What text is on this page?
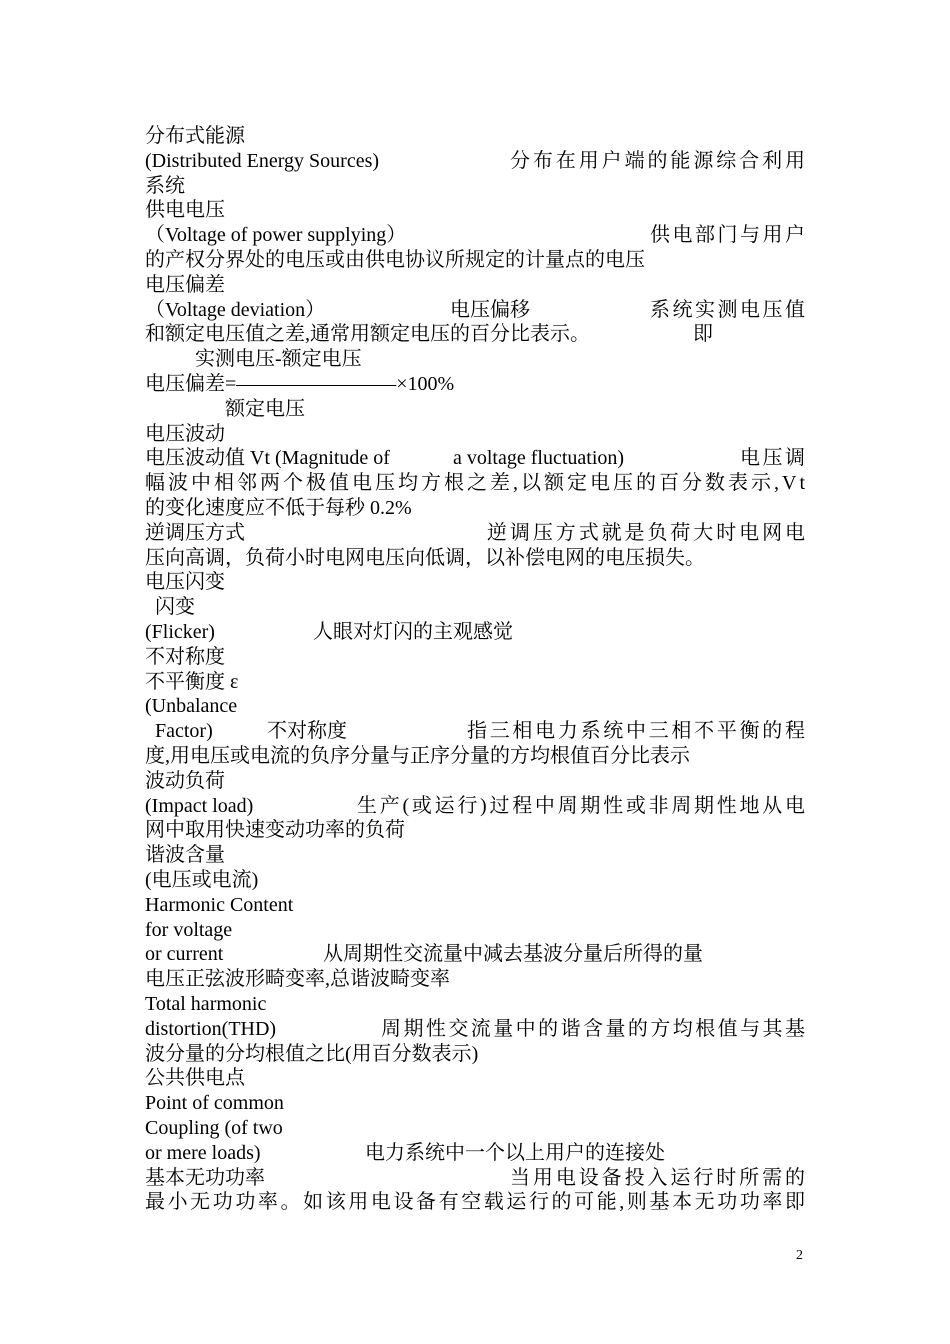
分布式能源
(Distributed Energy Sources)	分布在用户端的能源综合利用
系统
供电电压
（Voltage of power supplying）	供电部门与用户
的产权分界处的电压或由供电协议所规定的计量点的电压
电压偏差
（Voltage deviation）	电压偏移	系统实测电压值
和额定电压值之差,通常用额定电压的百分比表示。	即
实测电压-额定电压
电压偏差=————————×100%
额定电压
电压波动
电压波动值 Vt (Magnitude of	a voltage fluctuation)	电压调
幅波中相邻两个极值电压均方根之差,以额定电压的百分数表示,Vt
的变化速度应不低于每秒 0.2%
逆调压方式	逆调压方式就是负荷大时电网电
压向高调，负荷小时电网电压向低调，以补偿电网的电压损失。
电压闪变
闪变
(Flicker)	人眼对灯闪的主观感觉
不对称度
不平衡度 ε
(Unbalance
Factor)	不对称度	指三相电力系统中三相不平衡的程
度,用电压或电流的负序分量与正序分量的方均根值百分比表示
波动负荷
(Impact load)	生产(或运行)过程中周期性或非周期性地从电
网中取用快速变动功率的负荷
谐波含量
(电压或电流)
Harmonic Content
for voltage
or current	从周期性交流量中减去基波分量后所得的量
电压正弦波形畸变率,总谐波畸变率
Total harmonic
distortion(THD)	周期性交流量中的谐含量的方均根值与其基
波分量的分均根值之比(用百分数表示)
公共供电点
Point of common
Coupling (of two
or mere loads)	电力系统中一个以上用户的连接处
基本无功功率	当用电设备投入运行时所需的
最小无功功率。如该用电设备有空载运行的可能,则基本无功功率即
2
